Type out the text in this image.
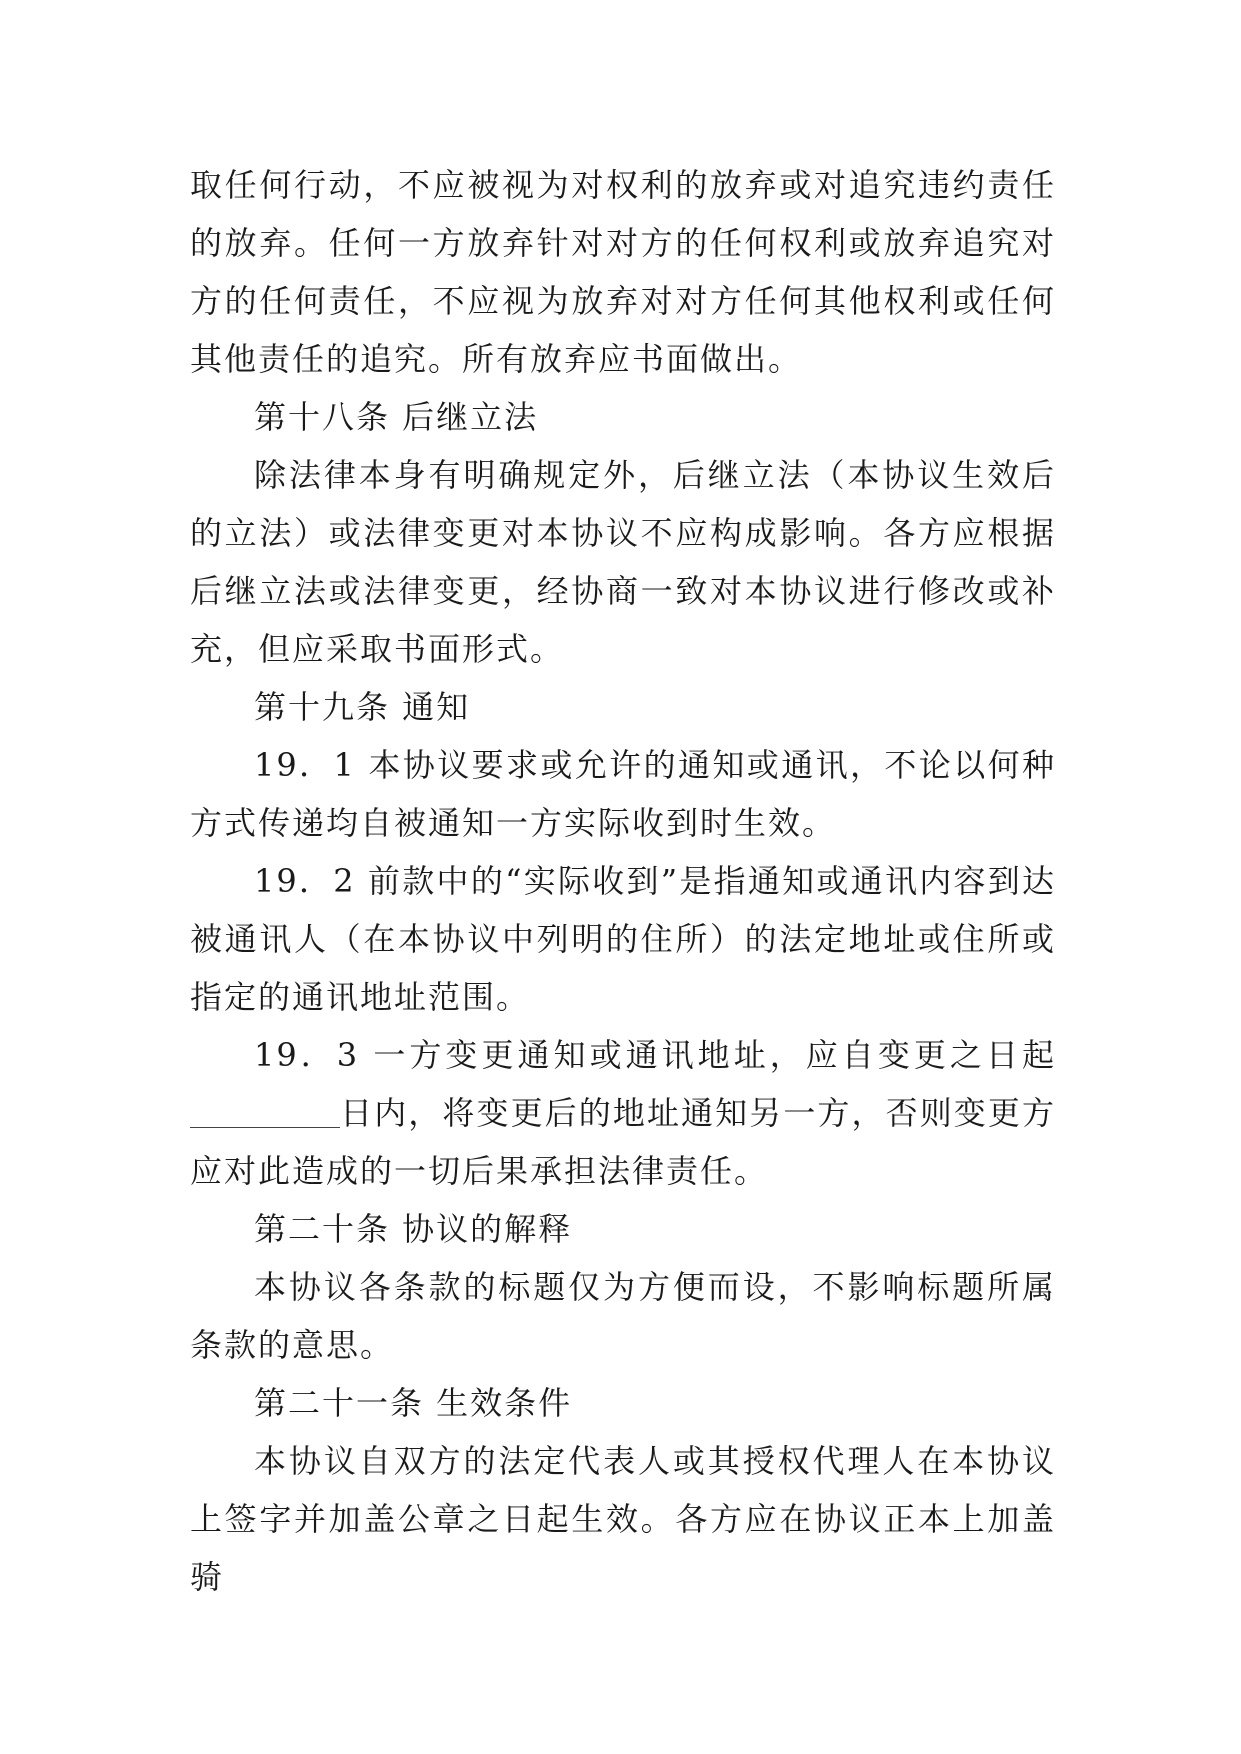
取任何行动，不应被视为对权利的放弃或对追究违约责任的放弃。任何一方放弃针对对方的任何权利或放弃追究对方的任何责任，不应视为放弃对对方任何其他权利或任何其他责任的追究。所有放弃应书面做出。

第十八条 后继立法

除法律本身有明确规定外，后继立法（本协议生效后的立法）或法律变更对本协议不应构成影响。各方应根据后继立法或法律变更，经协商一致对本协议进行修改或补充，但应采取书面形式。

第十九条 通知

19．1 本协议要求或允许的通知或通讯，不论以何种方式传递均自被通知一方实际收到时生效。

19．2 前款中的“实际收到”是指通知或通讯内容到达被通讯人（在本协议中列明的住所）的法定地址或住所或指定的通讯地址范围。

19．3 一方变更通知或通讯地址，应自变更之日起日内，将变更后的地址通知另一方，否则变更方应对此造成的一切后果承担法律责任。

第二十条 协议的解释

本协议各条款的标题仅为方便而设，不影响标题所属条款的意思。

第二十一条 生效条件

本协议自双方的法定代表人或其授权代理人在本协议上签字并加盖公章之日起生效。各方应在协议正本上加盖骑
